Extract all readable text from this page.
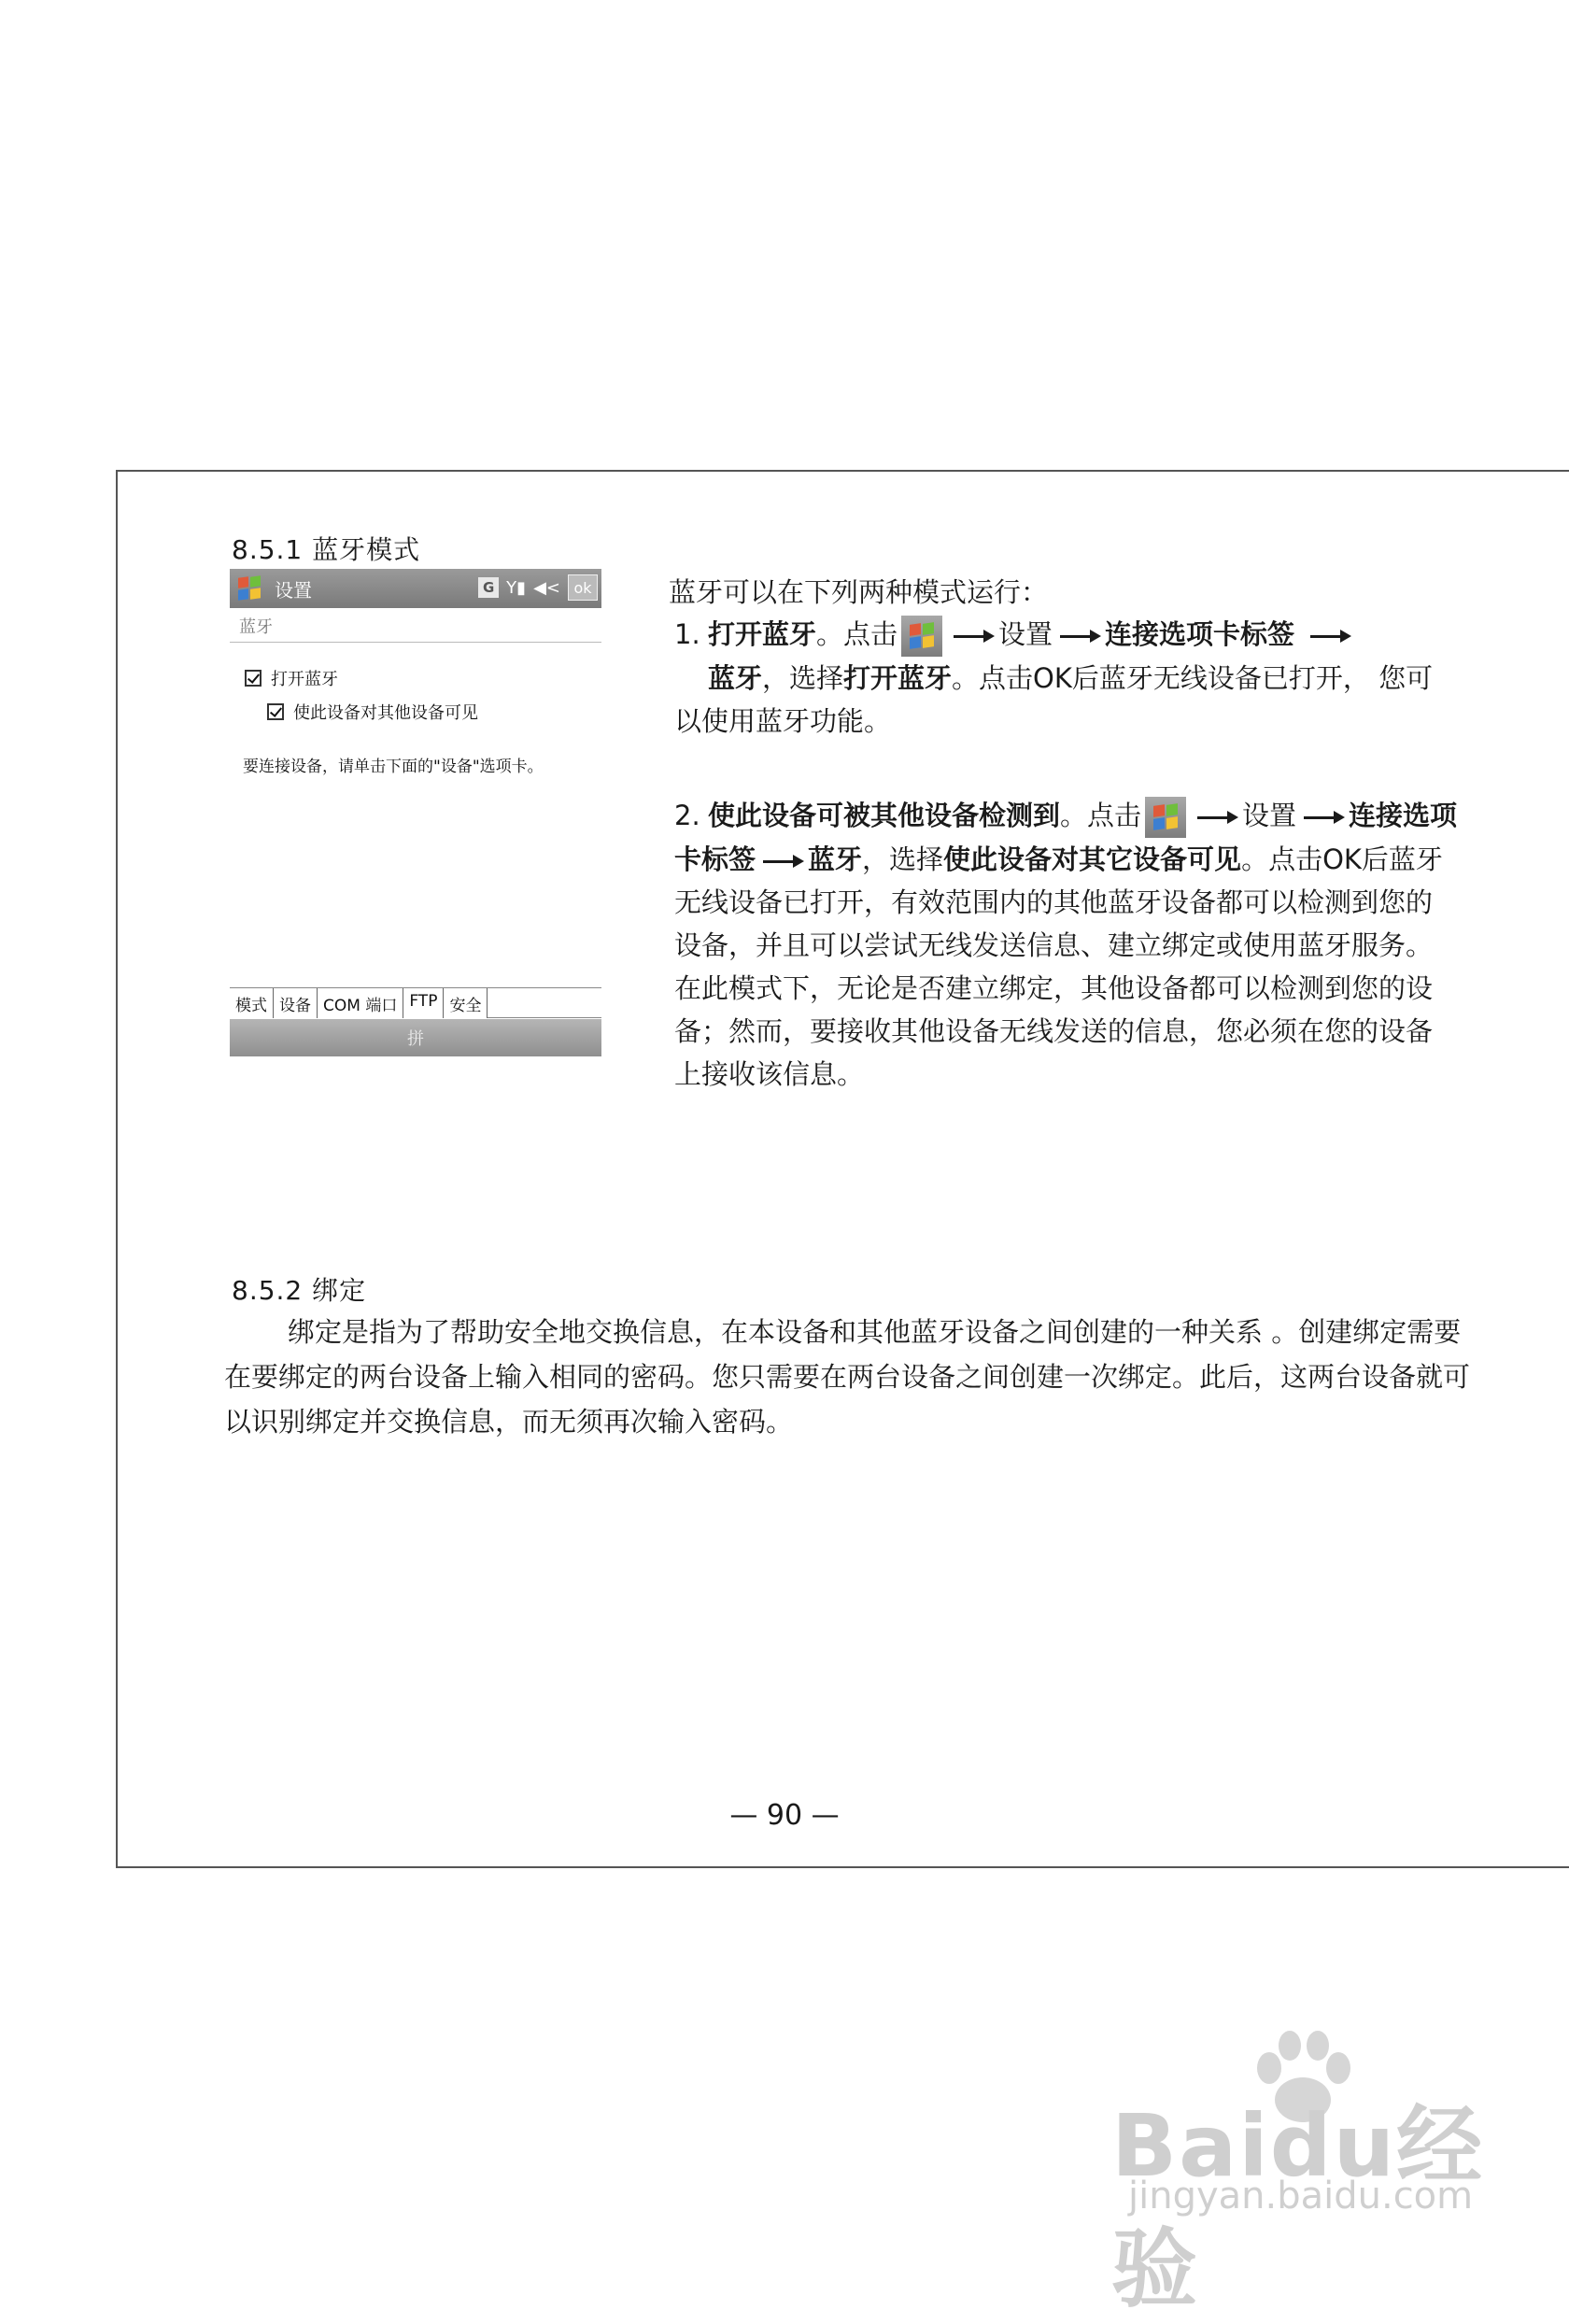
8.5.1 蓝牙模式
设置	G Y▮ ◀< ok
蓝牙
打开蓝牙
使此设备对其他设备可见
要连接设备，请单击下面的"设备"选项卡。
模式 设备 COM 端口 FTP 安全
拼
蓝牙可以在下列两种模式运行：
1. 打开蓝牙。点击	设置 连接选项卡标签
蓝牙，选择打开蓝牙。点击OK后蓝牙无线设备已打开， 您可以使用蓝牙功能。
2. 使此设备可被其他设备检测到。点击	设置 连接选项卡标签 蓝牙，选择使此设备对其它设备可见。点击OK后蓝牙无线设备已打开，有效范围内的其他蓝牙设备都可以检测到您的设备，并且可以尝试无线发送信息、建立绑定或使用蓝牙服务。在此模式下，无论是否建立绑定，其他设备都可以检测到您的设备；然而，要接收其他设备无线发送的信息，您必须在您的设备上接收该信息。
8.5.2 绑定

绑定是指为了帮助安全地交换信息，在本设备和其他蓝牙设备之间创建的一种关系 。创建绑定需要在要绑定的两台设备上输入相同的密码。您只需要在两台设备之间创建一次绑定。此后，这两台设备就可以识别绑定并交换信息，而无须再次输入密码。

— 90 —
Baidu经验
jingyan.baidu.com
